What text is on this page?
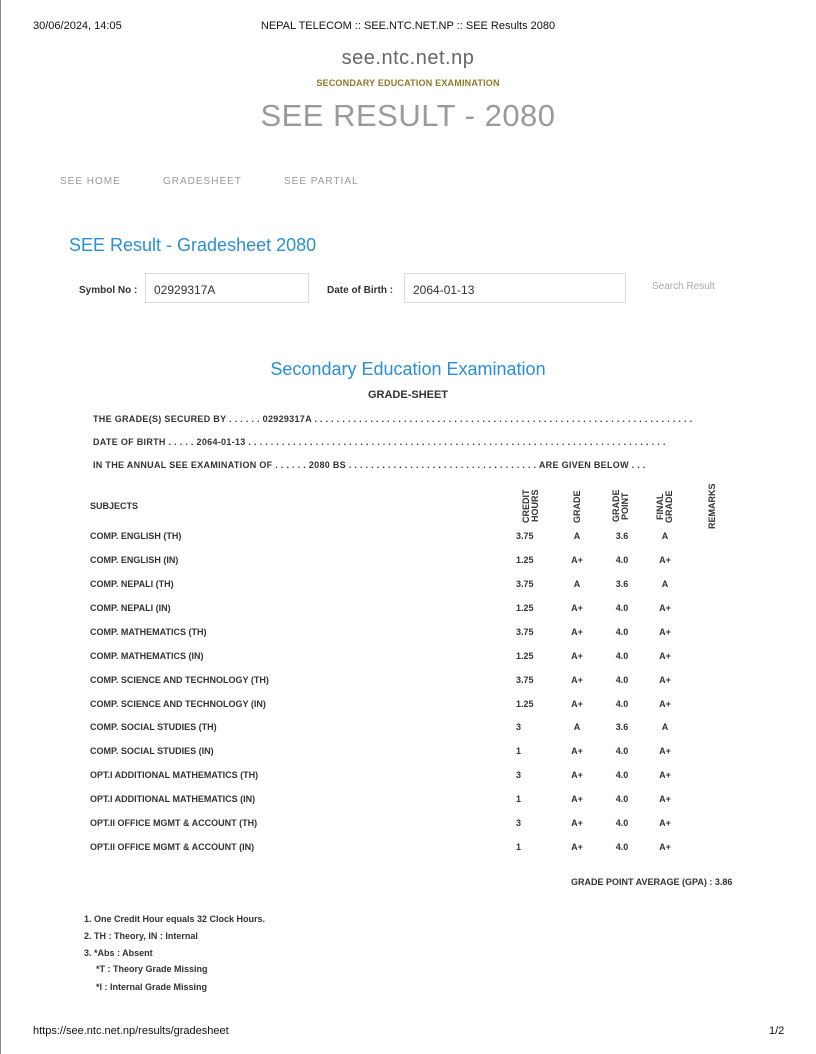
30/06/2024, 14:05	NEPAL TELECOM :: SEE.NTC.NET.NP :: SEE Results 2080
see.ntc.net.np
SECONDARY EDUCATION EXAMINATION
SEE RESULT - 2080
SEE HOME	GRADESHEET	SEE PARTIAL
SEE Result - Gradesheet 2080
Symbol No :	02929317A	Date of Birth :	2064-01-13	Search Result
Secondary Education Examination
GRADE-SHEET
THE GRADE(S) SECURED BY . . . . . . 02929317A . . . . . . . . . . . . . . . . . . . . . . . . . . . . . . . . . . . . . . . . . . . . . . . . . . . . . . . . . . . . . . . . . . . .
DATE OF BIRTH . . . . . 2064-01-13 . . . . . . . . . . . . . . . . . . . . . . . . . . . . . . . . . . . . . . . . . . . . . . . . . . . . . . . . . . . . . . . . . . . . . . . . . . .
IN THE ANNUAL SEE EXAMINATION OF . . . . . . 2080 BS . . . . . . . . . . . . . . . . . . . . . . . . . . . . . . . . . . ARE GIVEN BELOW . . .
SUBJECTS	CREDIT HOURS	GRADE	GRADE POINT	FINAL GRADE	REMARKS
COMP. ENGLISH (TH)	3.75	A	3.6	A
COMP. ENGLISH (IN)	1.25	A+	4.0	A+
COMP. NEPALI (TH)	3.75	A	3.6	A
COMP. NEPALI (IN)	1.25	A+	4.0	A+
COMP. MATHEMATICS (TH)	3.75	A+	4.0	A+
COMP. MATHEMATICS (IN)	1.25	A+	4.0	A+
COMP. SCIENCE AND TECHNOLOGY (TH)	3.75	A+	4.0	A+
COMP. SCIENCE AND TECHNOLOGY (IN)	1.25	A+	4.0	A+
COMP. SOCIAL STUDIES (TH)	3	A	3.6	A
COMP. SOCIAL STUDIES (IN)	1	A+	4.0	A+
OPT.I ADDITIONAL MATHEMATICS (TH)	3	A+	4.0	A+
OPT.I ADDITIONAL MATHEMATICS (IN)	1	A+	4.0	A+
OPT.II OFFICE MGMT & ACCOUNT (TH)	3	A+	4.0	A+
OPT.II OFFICE MGMT & ACCOUNT (IN)	1	A+	4.0	A+
GRADE POINT AVERAGE (GPA) : 3.86
1. One Credit Hour equals 32 Clock Hours.
2. TH : Theory, IN : Internal
3. *Abs : Absent
*T : Theory Grade Missing
*I : Internal Grade Missing
https://see.ntc.net.np/results/gradesheet	1/2
